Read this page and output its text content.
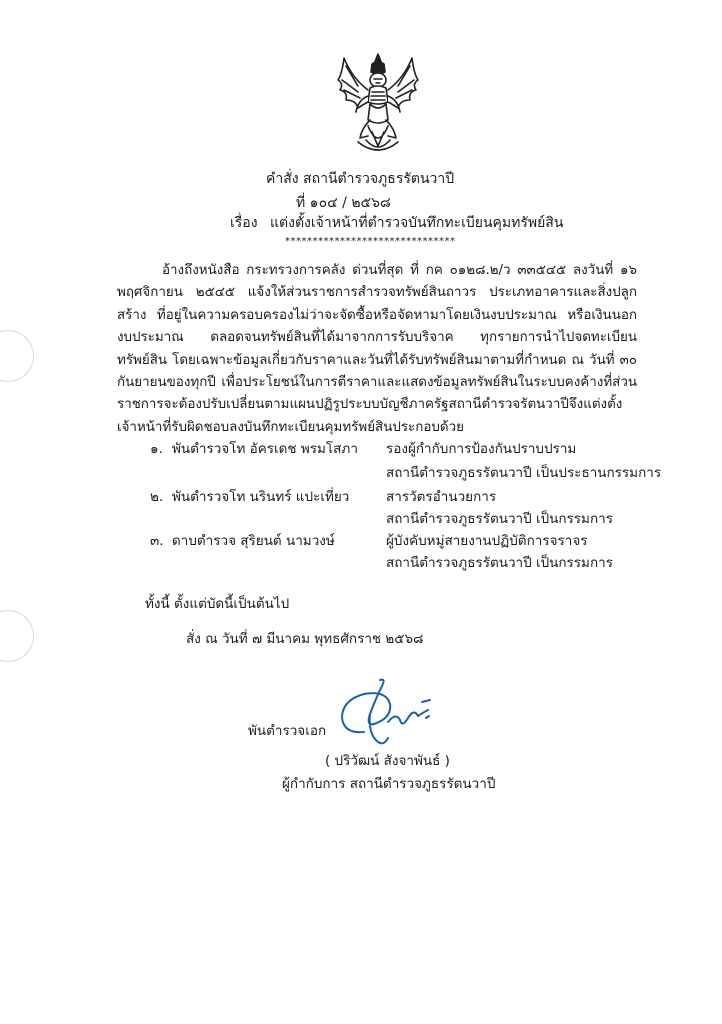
คำสั่ง สถานีตำรวจภูธรรัตนวาปี
ที่ ๑๐๔ / ๒๕๖๘
เรื่อง แต่งตั้งเจ้าหน้าที่ตำรวจบันทึกทะเบียนคุมทรัพย์สิน
*******************************
อ้างถึงหนังสือ กระทรวงการคลัง ด่วนที่สุด ที่ กค ๐๑๒๘.๒/ว ๓๓๕๔๕ ลงวันที่ ๑๖ พฤศจิกายน ๒๕๔๕ แจ้งให้ส่วนราชการสำรวจทรัพย์สินถาวร ประเภทอาคารและสิ่งปลูกสร้าง ที่อยู่ในความครอบครองไม่ว่าจะจัดซื้อหรือจัดหามาโดยเงินงบประมาณ หรือเงินนอกงบประมาณ ตลอดจนทรัพย์สินที่ได้มาจากการรับบริจาค ทุกรายการนำไปจดทะเบียนทรัพย์สิน โดยเฉพาะข้อมูลเกี่ยวกับราคาและวันที่ได้รับทรัพย์สินมาตามที่กำหนด ณ วันที่ ๓๐ กันยายนของทุกปี เพื่อประโยชน์ในการตีราคาและแสดงข้อมูลทรัพย์สินในระบบคงค้างที่ส่วนราชการจะต้องปรับเปลี่ยนตามแผนปฏิรูประบบบัญชีภาครัฐสถานีตำรวจรัตนวาปีจึงแต่งตั้งเจ้าหน้าที่รับผิดชอบลงบันทึกทะเบียนคุมทรัพย์สินประกอบด้วย
๑. พันตำรวจโท อัครเดช พรมโสภา รองผู้กำกับการป้องกันปราบปราม
สถานีตำรวจภูธรรัตนวาปี เป็นประธานกรรมการ
๒. พันตำรวจโท นรินทร์ แปะเที่ยว	สารวัตรอำนวยการ
สถานีตำรวจภูธรรัตนวาปี เป็นกรรมการ
๓. ดาบตำรวจ สุริยนต์ นามวงษ์	ผู้บังคับหมู่สายงานปฏิบัติการจราจร
สถานีตำรวจภูธรรัตนวาปี เป็นกรรมการ
ทั้งนี้ ตั้งแต่บัดนี้เป็นต้นไป
สั่ง ณ วันที่ ๗ มีนาคม พุทธศักราช ๒๕๖๘
พันตำรวจเอก
( ปริวัฒน์ สังจาพันธ์ )
ผู้กำกับการ สถานีตำรวจภูธรรัตนวาปี
